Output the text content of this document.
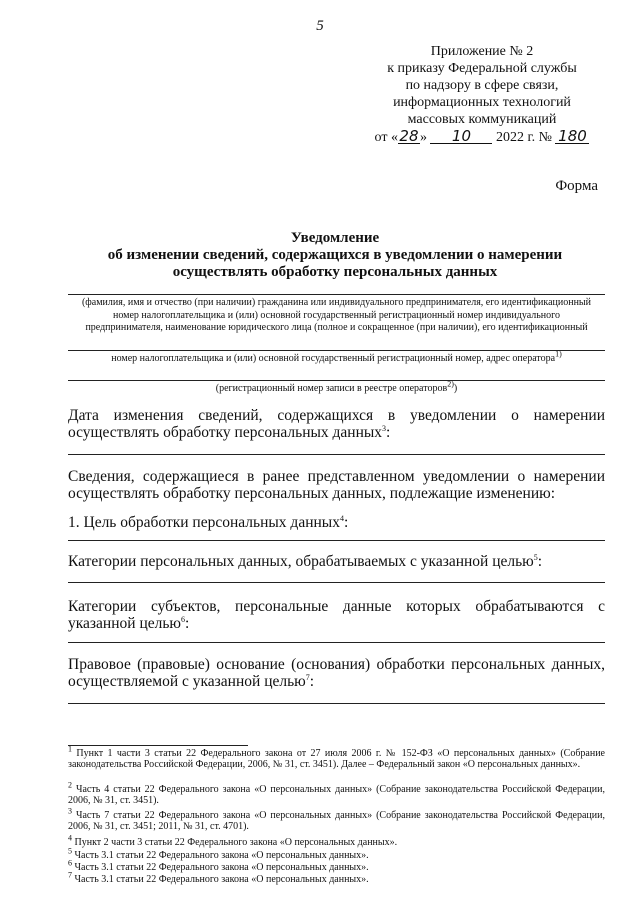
5
Приложение № 2
к приказу Федеральной службы
по надзору в сфере связи,
информационных технологий
массовых коммуникаций
от «28» 10 2022 г. № 180
Форма
Уведомление
об изменении сведений, содержащихся в уведомлении о намерении
осуществлять обработку персональных данных
(фамилия, имя и отчество (при наличии) гражданина или индивидуального предпринимателя, его идентификационный номер налогоплательщика и (или) основной государственный регистрационный номер индивидуального предпринимателя, наименование юридического лица (полное и сокращенное (при наличии), его идентификационный
номер налогоплательщика и (или) основной государственный регистрационный номер, адрес оператора$^{1)}$
(регистрационный номер записи в реестре операторов$^{2)}$)
Дата изменения сведений, содержащихся в уведомлении о намерении осуществлять обработку персональных данных$^3$:
Сведения, содержащиеся в ранее представленном уведомлении о намерении осуществлять обработку персональных данных, подлежащие изменению:
1. Цель обработки персональных данных$^4$:
Категории персональных данных, обрабатываемых с указанной целью$^5$:
Категории субъектов, персональные данные которых обрабатываются с указанной целью$^6$:
Правовое (правовые) основание (основания) обработки персональных данных, осуществляемой с указанной целью$^7$:
$^1$ Пункт 1 части 3 статьи 22 Федерального закона от 27 июля 2006 г. № 152-ФЗ «О персональных данных» (Собрание законодательства Российской Федерации, 2006, № 31, ст. 3451). Далее – Федеральный закон «О персональных данных».
$^2$ Часть 4 статьи 22 Федерального закона «О персональных данных» (Собрание законодательства Российской Федерации, 2006, № 31, ст. 3451).
$^3$ Часть 7 статьи 22 Федерального закона «О персональных данных» (Собрание законодательства Российской Федерации, 2006, № 31, ст. 3451; 2011, № 31, ст. 4701).
$^4$ Пункт 2 части 3 статьи 22 Федерального закона «О персональных данных».
$^5$ Часть 3.1 статьи 22 Федерального закона «О персональных данных».
$^6$ Часть 3.1 статьи 22 Федерального закона «О персональных данных».
$^7$ Часть 3.1 статьи 22 Федерального закона «О персональных данных».
